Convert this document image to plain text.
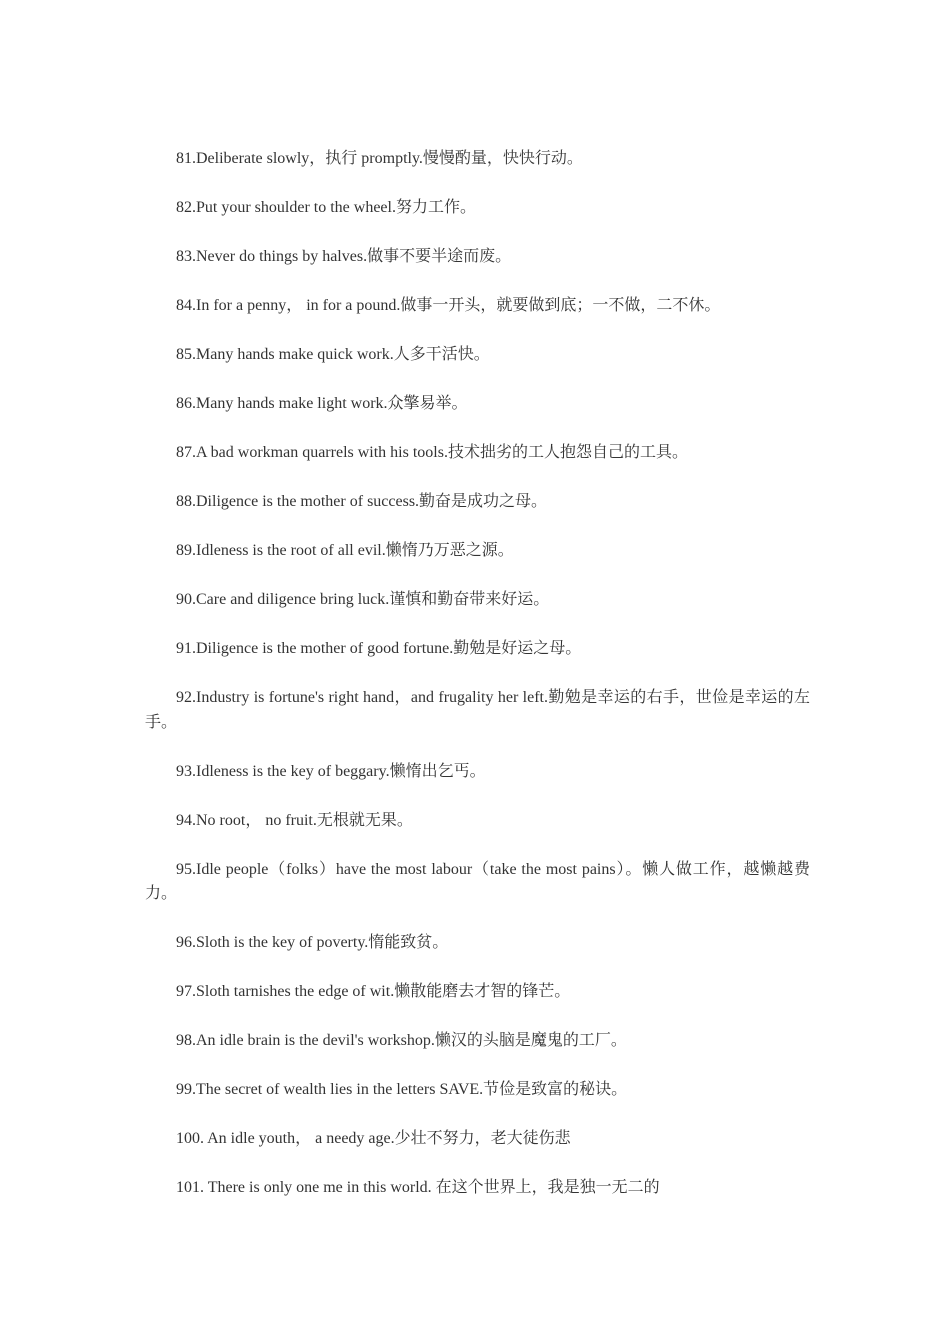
81.Deliberate slowly，执行 promptly.慢慢酌量，快快行动。

82.Put your shoulder to the wheel.努力工作。

83.Never do things by halves.做事不要半途而废。

84.In for a penny， in for a pound.做事一开头，就要做到底；一不做，二不休。

85.Many hands make quick work.人多干活快。

86.Many hands make light work.众擎易举。

87.A bad workman quarrels with his tools.技术拙劣的工人抱怨自己的工具。

88.Diligence is the mother of success.勤奋是成功之母。

89.Idleness is the root of all evil.懒惰乃万恶之源。

90.Care and diligence bring luck.谨慎和勤奋带来好运。

91.Diligence is the mother of good fortune.勤勉是好运之母。

92.Industry is fortune's right hand，and frugality her left.勤勉是幸运的右手，世俭是幸运的左手。

93.Idleness is the key of beggary.懒惰出乞丐。

94.No root， no fruit.无根就无果。

95.Idle people（folks）have the most labour（take the most pains）。懒人做工作，越懒越费力。

96.Sloth is the key of poverty.惰能致贫。

97.Sloth tarnishes the edge of wit.懒散能磨去才智的锋芒。

98.An idle brain is the devil's workshop.懒汉的头脑是魔鬼的工厂。

99.The secret of wealth lies in the letters SAVE.节俭是致富的秘诀。

100. An idle youth， a needy age.少壮不努力，老大徒伤悲

101. There is only one me in this world. 在这个世界上，我是独一无二的
